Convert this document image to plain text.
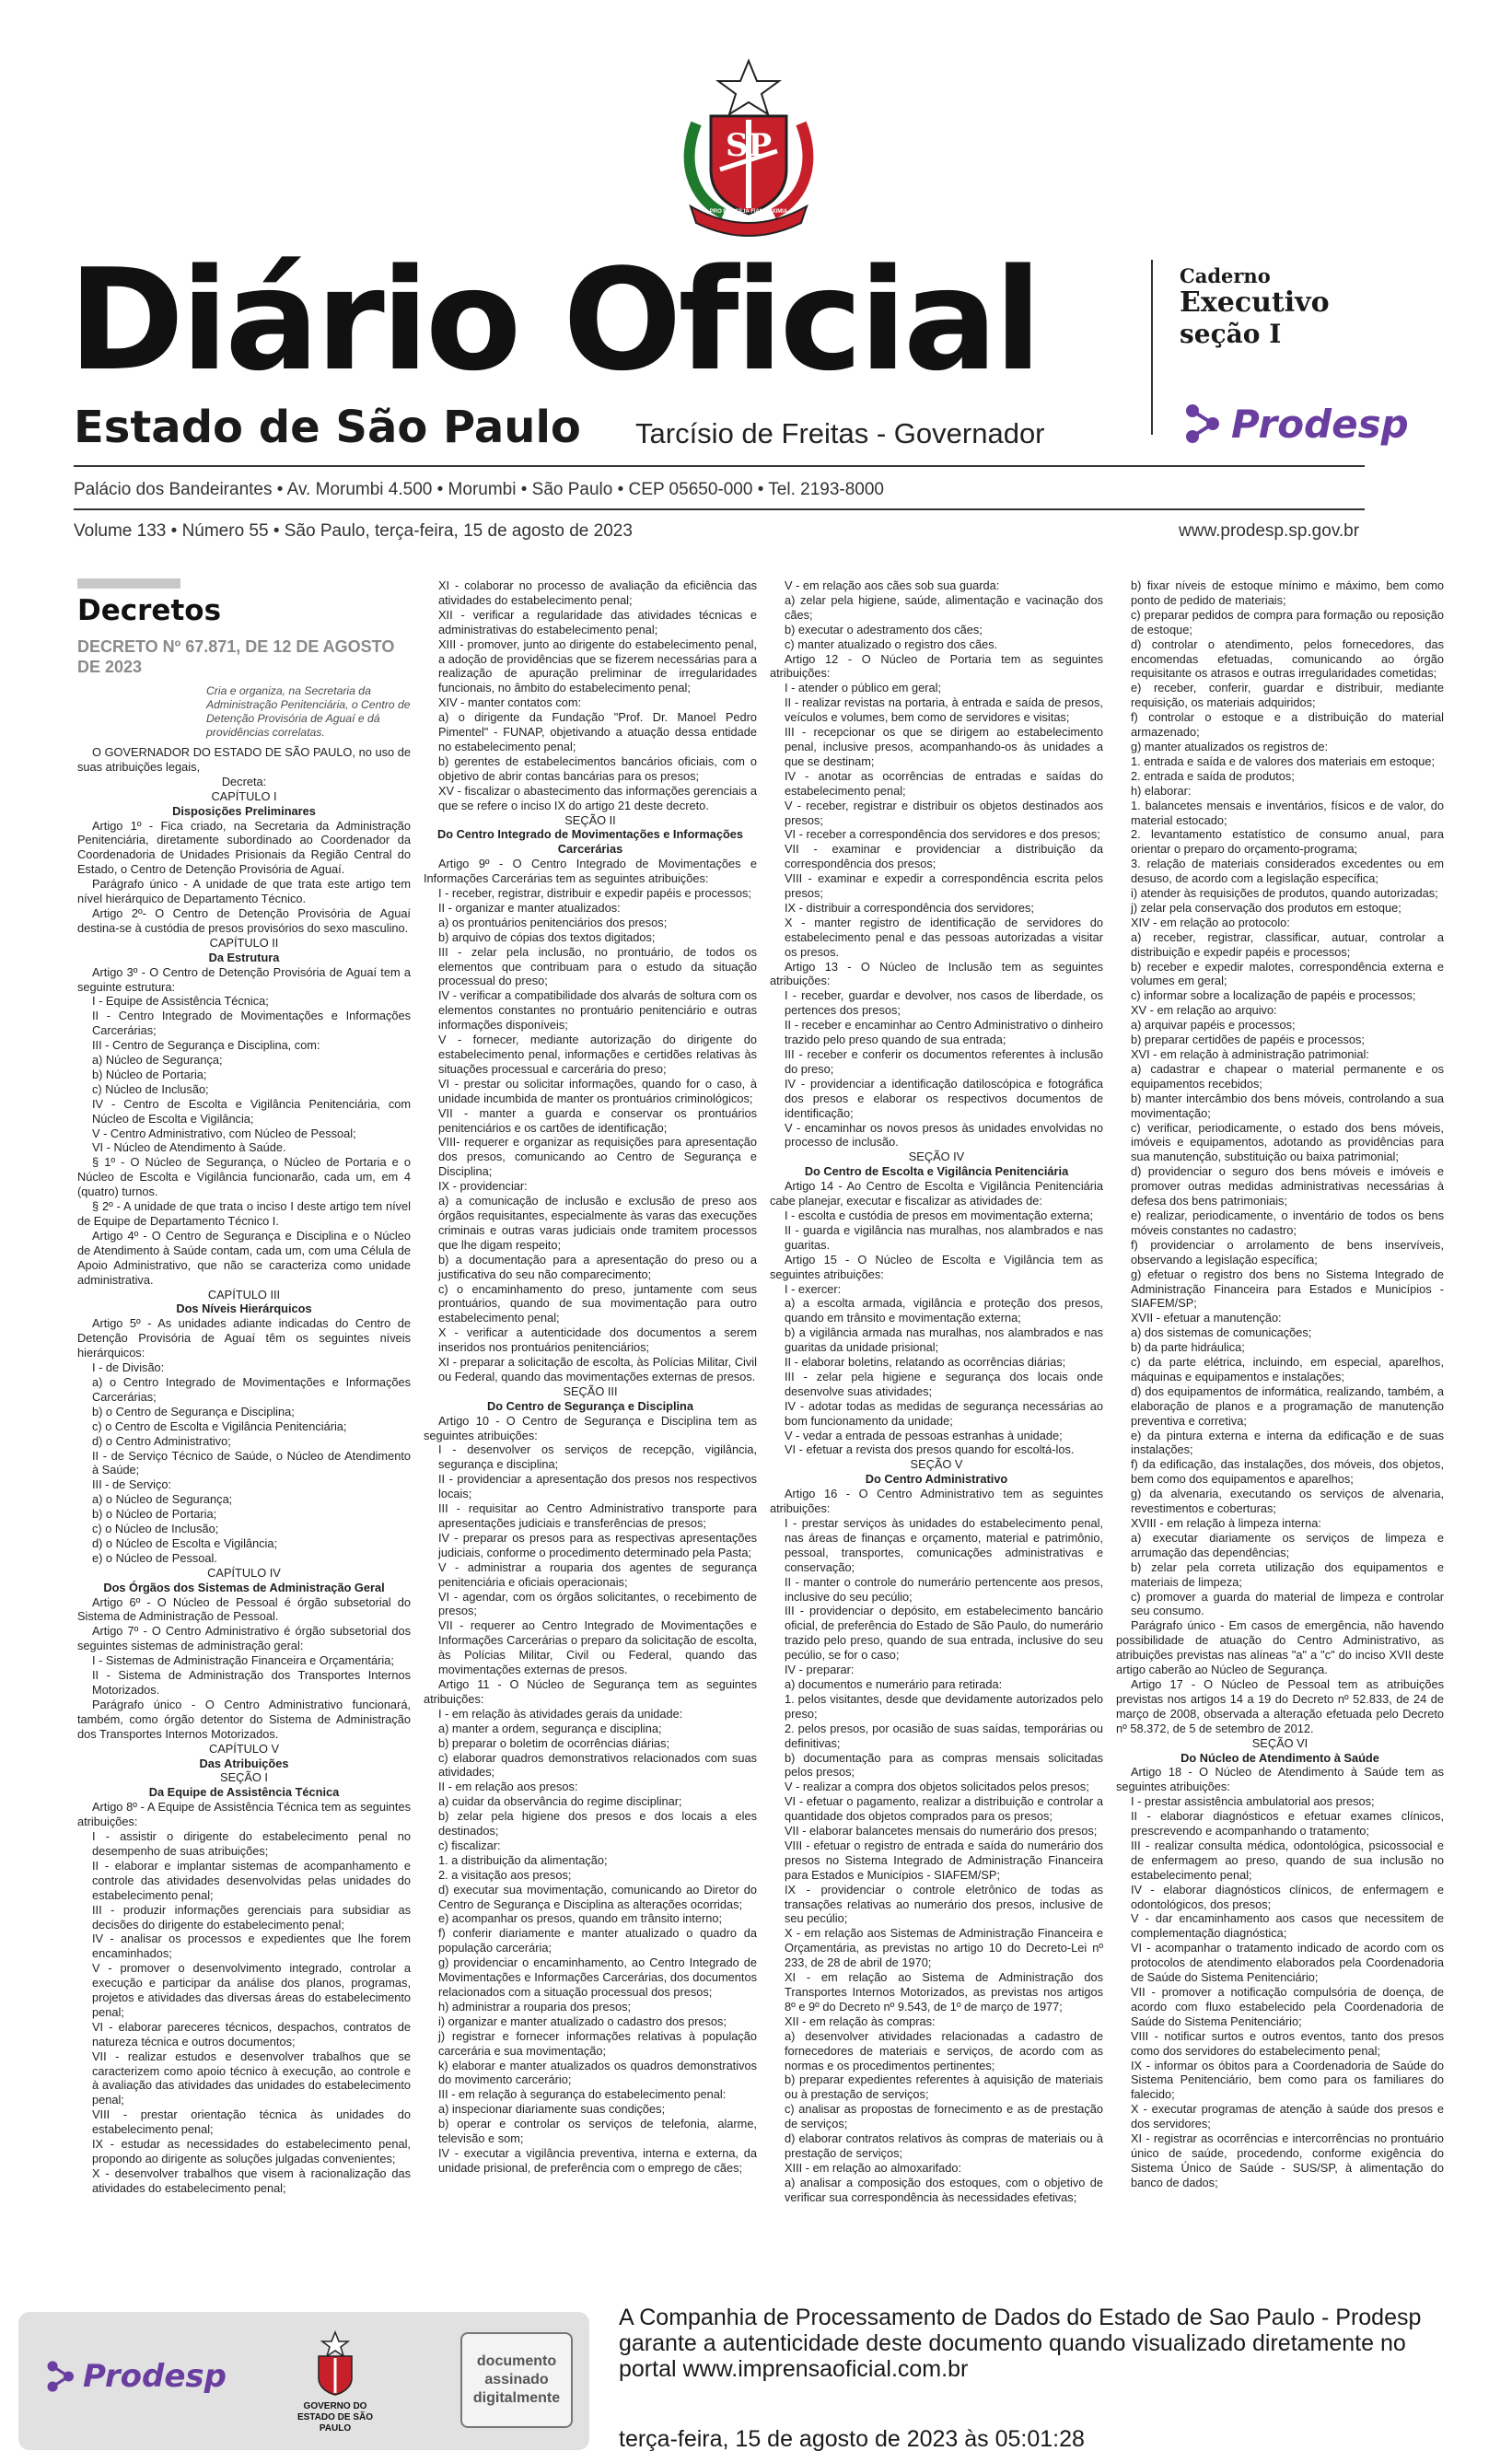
SP
PRO BRASILIA FIANT EXIMIA
Diário Oficial	Caderno
Executivo
seção I
Estado de São Paulo Tarcísio de Freitas - Governador	Prodesp
Palácio dos Bandeirantes • Av. Morumbi 4.500 • Morumbi • São Paulo • CEP 05650-000 • Tel. 2193-8000
Volume 133 • Número 55 • São Paulo, terça-feira, 15 de agosto de 2023	www.prodesp.sp.gov.br
Decretos
DECRETO Nº 67.871, DE 12 DE AGOSTO DE 2023
Cria e organiza, na Secretaria da Administração Penitenciária, o Centro de Detenção Provisória de Aguaí e dá providências correlatas.

O GOVERNADOR DO ESTADO DE SÃO PAULO, no uso de suas atribuições legais,

Decreta:

CAPÍTULO I

Disposições Preliminares

Artigo 1º - Fica criado, na Secretaria da Administração Penitenciária, diretamente subordinado ao Coordenador da Coordenadoria de Unidades Prisionais da Região Central do Estado, o Centro de Detenção Provisória de Aguaí.

Parágrafo único - A unidade de que trata este artigo tem nível hierárquico de Departamento Técnico.

Artigo 2º- O Centro de Detenção Provisória de Aguaí destina-se à custódia de presos provisórios do sexo masculino.

CAPÍTULO II

Da Estrutura

Artigo 3º - O Centro de Detenção Provisória de Aguaí tem a seguinte estrutura:

I - Equipe de Assistência Técnica;

II - Centro Integrado de Movimentações e Informações Carcerárias;

III - Centro de Segurança e Disciplina, com:

a) Núcleo de Segurança;

b) Núcleo de Portaria;

c) Núcleo de Inclusão;

IV - Centro de Escolta e Vigilância Penitenciária, com Núcleo de Escolta e Vigilância;

V - Centro Administrativo, com Núcleo de Pessoal;

VI - Núcleo de Atendimento à Saúde.

§ 1º - O Núcleo de Segurança, o Núcleo de Portaria e o Núcleo de Escolta e Vigilância funcionarão, cada um, em 4 (quatro) turnos.

§ 2º - A unidade de que trata o inciso I deste artigo tem nível de Equipe de Departamento Técnico I.

Artigo 4º - O Centro de Segurança e Disciplina e o Núcleo de Atendimento à Saúde contam, cada um, com uma Célula de Apoio Administrativo, que não se caracteriza como unidade administrativa.

CAPÍTULO III

Dos Níveis Hierárquicos

Artigo 5º - As unidades adiante indicadas do Centro de Detenção Provisória de Aguaí têm os seguintes níveis hierárquicos:

I - de Divisão:

a) o Centro Integrado de Movimentações e Informações Carcerárias;

b) o Centro de Segurança e Disciplina;

c) o Centro de Escolta e Vigilância Penitenciária;

d) o Centro Administrativo;

II - de Serviço Técnico de Saúde, o Núcleo de Atendimento à Saúde;

III - de Serviço:

a) o Núcleo de Segurança;

b) o Núcleo de Portaria;

c) o Núcleo de Inclusão;

d) o Núcleo de Escolta e Vigilância;

e) o Núcleo de Pessoal.

CAPÍTULO IV

Dos Órgãos dos Sistemas de Administração Geral

Artigo 6º - O Núcleo de Pessoal é órgão subsetorial do Sistema de Administração de Pessoal.

Artigo 7º - O Centro Administrativo é órgão subsetorial dos seguintes sistemas de administração geral:

I - Sistemas de Administração Financeira e Orçamentária;

II - Sistema de Administração dos Transportes Internos Motorizados.

Parágrafo único - O Centro Administrativo funcionará, também, como órgão detentor do Sistema de Administração dos Transportes Internos Motorizados.

CAPÍTULO V

Das Atribuições

SEÇÃO I

Da Equipe de Assistência Técnica

Artigo 8º - A Equipe de Assistência Técnica tem as seguintes atribuições:

I - assistir o dirigente do estabelecimento penal no desempenho de suas atribuições;

II - elaborar e implantar sistemas de acompanhamento e controle das atividades desenvolvidas pelas unidades do estabelecimento penal;

III - produzir informações gerenciais para subsidiar as decisões do dirigente do estabelecimento penal;

IV - analisar os processos e expedientes que lhe forem encaminhados;

V - promover o desenvolvimento integrado, controlar a execução e participar da análise dos planos, programas, projetos e atividades das diversas áreas do estabelecimento penal;

VI - elaborar pareceres técnicos, despachos, contratos de natureza técnica e outros documentos;

VII - realizar estudos e desenvolver trabalhos que se caracterizem como apoio técnico à execução, ao controle e à avaliação das atividades das unidades do estabelecimento penal;

VIII - prestar orientação técnica às unidades do estabelecimento penal;

IX - estudar as necessidades do estabelecimento penal, propondo ao dirigente as soluções julgadas convenientes;

X - desenvolver trabalhos que visem à racionalização das atividades do estabelecimento penal;

XI - colaborar no processo de avaliação da eficiência das atividades do estabelecimento penal;

XII - verificar a regularidade das atividades técnicas e administrativas do estabelecimento penal;

XIII - promover, junto ao dirigente do estabelecimento penal, a adoção de providências que se fizerem necessárias para a realização de apuração preliminar de irregularidades funcionais, no âmbito do estabelecimento penal;

XIV - manter contatos com:

a) o dirigente da Fundação "Prof. Dr. Manoel Pedro Pimentel" - FUNAP, objetivando a atuação dessa entidade no estabelecimento penal;

b) gerentes de estabelecimentos bancários oficiais, com o objetivo de abrir contas bancárias para os presos;

XV - fiscalizar o abastecimento das informações gerenciais a que se refere o inciso IX do artigo 21 deste decreto.

SEÇÃO II

Do Centro Integrado de Movimentações e Informações Carcerárias

Artigo 9º - O Centro Integrado de Movimentações e Informações Carcerárias tem as seguintes atribuições:

I - receber, registrar, distribuir e expedir papéis e processos;

II - organizar e manter atualizados:

a) os prontuários penitenciários dos presos;

b) arquivo de cópias dos textos digitados;

III - zelar pela inclusão, no prontuário, de todos os elementos que contribuam para o estudo da situação processual do preso;

IV - verificar a compatibilidade dos alvarás de soltura com os elementos constantes no prontuário penitenciário e outras informações disponíveis;

V - fornecer, mediante autorização do dirigente do estabelecimento penal, informações e certidões relativas às situações processual e carcerária do preso;

VI - prestar ou solicitar informações, quando for o caso, à unidade incumbida de manter os prontuários criminológicos;

VII - manter a guarda e conservar os prontuários penitenciários e os cartões de identificação;

VIII- requerer e organizar as requisições para apresentação dos presos, comunicando ao Centro de Segurança e Disciplina;

IX - providenciar:

a) a comunicação de inclusão e exclusão de preso aos órgãos requisitantes, especialmente às varas das execuções criminais e outras varas judiciais onde tramitem processos que lhe digam respeito;

b) a documentação para a apresentação do preso ou a justificativa do seu não comparecimento;

c) o encaminhamento do preso, juntamente com seus prontuários, quando de sua movimentação para outro estabelecimento penal;

X - verificar a autenticidade dos documentos a serem inseridos nos prontuários penitenciários;

XI - preparar a solicitação de escolta, às Polícias Militar, Civil ou Federal, quando das movimentações externas de presos.

SEÇÃO III

Do Centro de Segurança e Disciplina

Artigo 10 - O Centro de Segurança e Disciplina tem as seguintes atribuições:

I - desenvolver os serviços de recepção, vigilância, segurança e disciplina;

II - providenciar a apresentação dos presos nos respectivos locais;

III - requisitar ao Centro Administrativo transporte para apresentações judiciais e transferências de presos;

IV - preparar os presos para as respectivas apresentações judiciais, conforme o procedimento determinado pela Pasta;

V - administrar a rouparia dos agentes de segurança penitenciária e oficiais operacionais;

VI - agendar, com os órgãos solicitantes, o recebimento de presos;

VII - requerer ao Centro Integrado de Movimentações e Informações Carcerárias o preparo da solicitação de escolta, às Polícias Militar, Civil ou Federal, quando das movimentações externas de presos.

Artigo 11 - O Núcleo de Segurança tem as seguintes atribuições:

I - em relação às atividades gerais da unidade:

a) manter a ordem, segurança e disciplina;

b) preparar o boletim de ocorrências diárias;

c) elaborar quadros demonstrativos relacionados com suas atividades;

II - em relação aos presos:

a) cuidar da observância do regime disciplinar;

b) zelar pela higiene dos presos e dos locais a eles destinados;

c) fiscalizar:

1. a distribuição da alimentação;

2. a visitação aos presos;

d) executar sua movimentação, comunicando ao Diretor do Centro de Segurança e Disciplina as alterações ocorridas;

e) acompanhar os presos, quando em trânsito interno;

f) conferir diariamente e manter atualizado o quadro da população carcerária;

g) providenciar o encaminhamento, ao Centro Integrado de Movimentações e Informações Carcerárias, dos documentos relacionados com a situação processual dos presos;

h) administrar a rouparia dos presos;

i) organizar e manter atualizado o cadastro dos presos;

j) registrar e fornecer informações relativas à população carcerária e sua movimentação;

k) elaborar e manter atualizados os quadros demonstrativos do movimento carcerário;

III - em relação à segurança do estabelecimento penal:

a) inspecionar diariamente suas condições;

b) operar e controlar os serviços de telefonia, alarme, televisão e som;

IV - executar a vigilância preventiva, interna e externa, da unidade prisional, de preferência com o emprego de cães;

V - em relação aos cães sob sua guarda:

a) zelar pela higiene, saúde, alimentação e vacinação dos cães;

b) executar o adestramento dos cães;

c) manter atualizado o registro dos cães.

Artigo 12 - O Núcleo de Portaria tem as seguintes atribuições:

I - atender o público em geral;

II - realizar revistas na portaria, à entrada e saída de presos, veículos e volumes, bem como de servidores e visitas;

III - recepcionar os que se dirigem ao estabelecimento penal, inclusive presos, acompanhando-os às unidades a que se destinam;

IV - anotar as ocorrências de entradas e saídas do estabelecimento penal;

V - receber, registrar e distribuir os objetos destinados aos presos;

VI - receber a correspondência dos servidores e dos presos;

VII - examinar e providenciar a distribuição da correspondência dos presos;

VIII - examinar e expedir a correspondência escrita pelos presos;

IX - distribuir a correspondência dos servidores;

X - manter registro de identificação de servidores do estabelecimento penal e das pessoas autorizadas a visitar os presos.

Artigo 13 - O Núcleo de Inclusão tem as seguintes atribuições:

I - receber, guardar e devolver, nos casos de liberdade, os pertences dos presos;

II - receber e encaminhar ao Centro Administrativo o dinheiro trazido pelo preso quando de sua entrada;

III - receber e conferir os documentos referentes à inclusão do preso;

IV - providenciar a identificação datiloscópica e fotográfica dos presos e elaborar os respectivos documentos de identificação;

V - encaminhar os novos presos às unidades envolvidas no processo de inclusão.

SEÇÃO IV

Do Centro de Escolta e Vigilância Penitenciária

Artigo 14 - Ao Centro de Escolta e Vigilância Penitenciária cabe planejar, executar e fiscalizar as atividades de:

I - escolta e custódia de presos em movimentação externa;

II - guarda e vigilância nas muralhas, nos alambrados e nas guaritas.

Artigo 15 - O Núcleo de Escolta e Vigilância tem as seguintes atribuições:

I - exercer:

a) a escolta armada, vigilância e proteção dos presos, quando em trânsito e movimentação externa;

b) a vigilância armada nas muralhas, nos alambrados e nas guaritas da unidade prisional;

II - elaborar boletins, relatando as ocorrências diárias;

III - zelar pela higiene e segurança dos locais onde desenvolve suas atividades;

IV - adotar todas as medidas de segurança necessárias ao bom funcionamento da unidade;

V - vedar a entrada de pessoas estranhas à unidade;

VI - efetuar a revista dos presos quando for escoltá-los.

SEÇÃO V

Do Centro Administrativo

Artigo 16 - O Centro Administrativo tem as seguintes atribuições:

I - prestar serviços às unidades do estabelecimento penal, nas áreas de finanças e orçamento, material e patrimônio, pessoal, transportes, comunicações administrativas e conservação;

II - manter o controle do numerário pertencente aos presos, inclusive do seu pecúlio;

III - providenciar o depósito, em estabelecimento bancário oficial, de preferência do Estado de São Paulo, do numerário trazido pelo preso, quando de sua entrada, inclusive do seu pecúlio, se for o caso;

IV - preparar:

a) documentos e numerário para retirada:

1. pelos visitantes, desde que devidamente autorizados pelo preso;

2. pelos presos, por ocasião de suas saídas, temporárias ou definitivas;

b) documentação para as compras mensais solicitadas pelos presos;

V - realizar a compra dos objetos solicitados pelos presos;

VI - efetuar o pagamento, realizar a distribuição e controlar a quantidade dos objetos comprados para os presos;

VII - elaborar balancetes mensais do numerário dos presos;

VIII - efetuar o registro de entrada e saída do numerário dos presos no Sistema Integrado de Administração Financeira para Estados e Municípios - SIAFEM/SP;

IX - providenciar o controle eletrônico de todas as transações relativas ao numerário dos presos, inclusive de seu pecúlio;

X - em relação aos Sistemas de Administração Financeira e Orçamentária, as previstas no artigo 10 do Decreto-Lei nº 233, de 28 de abril de 1970;

XI - em relação ao Sistema de Administração dos Transportes Internos Motorizados, as previstas nos artigos 8º e 9º do Decreto nº 9.543, de 1º de março de 1977;

XII - em relação às compras:

a) desenvolver atividades relacionadas a cadastro de fornecedores de materiais e serviços, de acordo com as normas e os procedimentos pertinentes;

b) preparar expedientes referentes à aquisição de materiais ou à prestação de serviços;

c) analisar as propostas de fornecimento e as de prestação de serviços;

d) elaborar contratos relativos às compras de materiais ou à prestação de serviços;

XIII - em relação ao almoxarifado:

a) analisar a composição dos estoques, com o objetivo de verificar sua correspondência às necessidades efetivas;

b) fixar níveis de estoque mínimo e máximo, bem como ponto de pedido de materiais;

c) preparar pedidos de compra para formação ou reposição de estoque;

d) controlar o atendimento, pelos fornecedores, das encomendas efetuadas, comunicando ao órgão requisitante os atrasos e outras irregularidades cometidas;

e) receber, conferir, guardar e distribuir, mediante requisição, os materiais adquiridos;

f) controlar o estoque e a distribuição do material armazenado;

g) manter atualizados os registros de:

1. entrada e saída e de valores dos materiais em estoque;

2. entrada e saída de produtos;

h) elaborar:

1. balancetes mensais e inventários, físicos e de valor, do material estocado;

2. levantamento estatístico de consumo anual, para orientar o preparo do orçamento-programa;

3. relação de materiais considerados excedentes ou em desuso, de acordo com a legislação específica;

i) atender às requisições de produtos, quando autorizadas;

j) zelar pela conservação dos produtos em estoque;

XIV - em relação ao protocolo:

a) receber, registrar, classificar, autuar, controlar a distribuição e expedir papéis e processos;

b) receber e expedir malotes, correspondência externa e volumes em geral;

c) informar sobre a localização de papéis e processos;

XV - em relação ao arquivo:

a) arquivar papéis e processos;

b) preparar certidões de papéis e processos;

XVI - em relação à administração patrimonial:

a) cadastrar e chapear o material permanente e os equipamentos recebidos;

b) manter intercâmbio dos bens móveis, controlando a sua movimentação;

c) verificar, periodicamente, o estado dos bens móveis, imóveis e equipamentos, adotando as providências para sua manutenção, substituição ou baixa patrimonial;

d) providenciar o seguro dos bens móveis e imóveis e promover outras medidas administrativas necessárias à defesa dos bens patrimoniais;

e) realizar, periodicamente, o inventário de todos os bens móveis constantes no cadastro;

f) providenciar o arrolamento de bens inservíveis, observando a legislação específica;

g) efetuar o registro dos bens no Sistema Integrado de Administração Financeira para Estados e Municípios - SIAFEM/SP;

XVII - efetuar a manutenção:

a) dos sistemas de comunicações;

b) da parte hidráulica;

c) da parte elétrica, incluindo, em especial, aparelhos, máquinas e equipamentos e instalações;

d) dos equipamentos de informática, realizando, também, a elaboração de planos e a programação de manutenção preventiva e corretiva;

e) da pintura externa e interna da edificação e de suas instalações;

f) da edificação, das instalações, dos móveis, dos objetos, bem como dos equipamentos e aparelhos;

g) da alvenaria, executando os serviços de alvenaria, revestimentos e coberturas;

XVIII - em relação à limpeza interna:

a) executar diariamente os serviços de limpeza e arrumação das dependências;

b) zelar pela correta utilização dos equipamentos e materiais de limpeza;

c) promover a guarda do material de limpeza e controlar seu consumo.

Parágrafo único - Em casos de emergência, não havendo possibilidade de atuação do Centro Administrativo, as atribuições previstas nas alíneas "a" a "c" do inciso XVII deste artigo caberão ao Núcleo de Segurança.

Artigo 17 - O Núcleo de Pessoal tem as atribuições previstas nos artigos 14 a 19 do Decreto nº 52.833, de 24 de março de 2008, observada a alteração efetuada pelo Decreto nº 58.372, de 5 de setembro de 2012.

SEÇÃO VI

Do Núcleo de Atendimento à Saúde

Artigo 18 - O Núcleo de Atendimento à Saúde tem as seguintes atribuições:

I - prestar assistência ambulatorial aos presos;

II - elaborar diagnósticos e efetuar exames clínicos, prescrevendo e acompanhando o tratamento;

III - realizar consulta médica, odontológica, psicossocial e de enfermagem ao preso, quando de sua inclusão no estabelecimento penal;

IV - elaborar diagnósticos clínicos, de enfermagem e odontológicos, dos presos;

V - dar encaminhamento aos casos que necessitem de complementação diagnóstica;

VI - acompanhar o tratamento indicado de acordo com os protocolos de atendimento elaborados pela Coordenadoria de Saúde do Sistema Penitenciário;

VII - promover a notificação compulsória de doença, de acordo com fluxo estabelecido pela Coordenadoria de Saúde do Sistema Penitenciário;

VIII - notificar surtos e outros eventos, tanto dos presos como dos servidores do estabelecimento penal;

IX - informar os óbitos para a Coordenadoria de Saúde do Sistema Penitenciário, bem como para os familiares do falecido;

X - executar programas de atenção à saúde dos presos e dos servidores;

XI - registrar as ocorrências e intercorrências no prontuário único de saúde, procedendo, conforme exigência do Sistema Único de Saúde - SUS/SP, à alimentação do banco de dados;

Prodesp
GOVERNO DO ESTADO DE SÃO PAULO
documento assinado digitalmente
A Companhia de Processamento de Dados do Estado de Sao Paulo - Prodesp garante a autenticidade deste documento quando visualizado diretamente no portal www.imprensaoficial.com.br
terça-feira, 15 de agosto de 2023 às 05:01:28
